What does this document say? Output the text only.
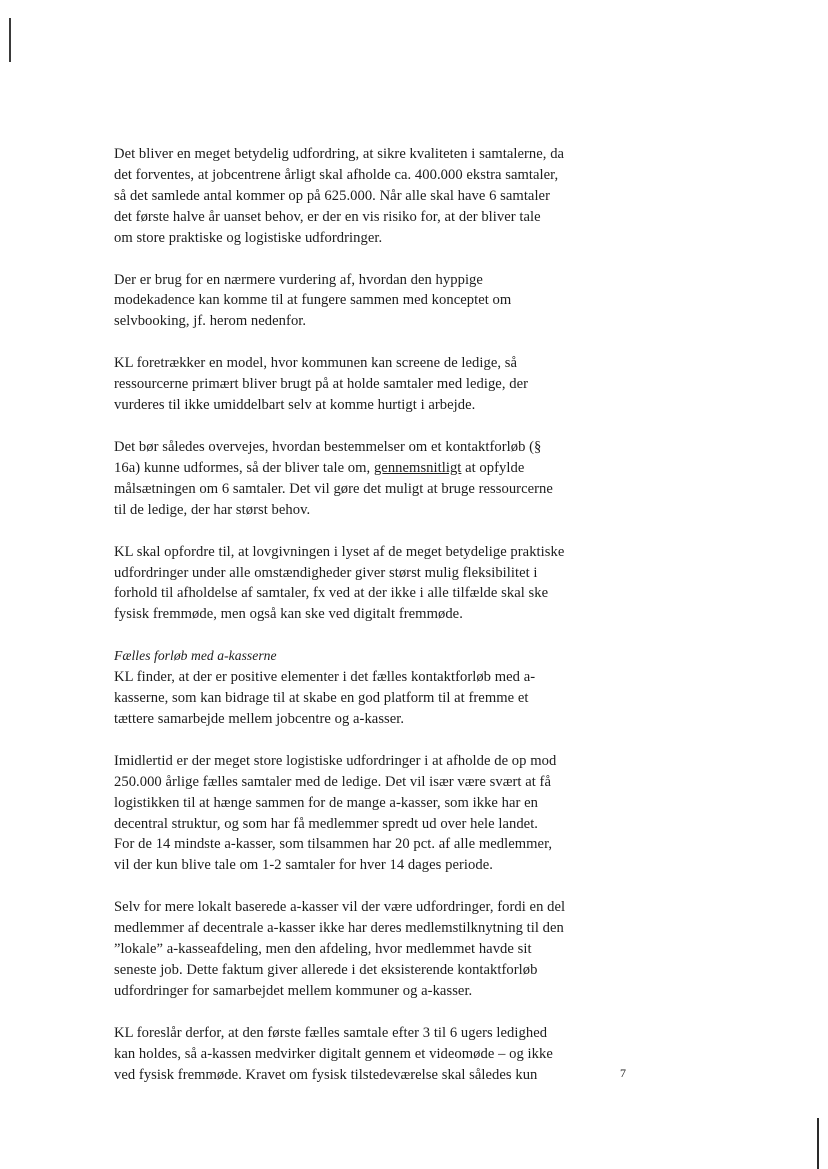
Det bliver en meget betydelig udfordring, at sikre kvaliteten i samtalerne, da
det forventes, at jobcentrene årligt skal afholde ca. 400.000 ekstra samtaler,
så det samlede antal kommer op på 625.000. Når alle skal have 6 samtaler
det første halve år uanset behov, er der en vis risiko for, at der bliver tale
om store praktiske og logistiske udfordringer.

Der er brug for en nærmere vurdering af, hvordan den hyppige
modekadence kan komme til at fungere sammen med konceptet om
selvbooking, jf. herom nedenfor.

KL foretrækker en model, hvor kommunen kan screene de ledige, så
ressourcerne primært bliver brugt på at holde samtaler med ledige, der
vurderes til ikke umiddelbart selv at komme hurtigt i arbejde.

Det bør således overvejes, hvordan bestemmelser om et kontaktforløb (§
16a) kunne udformes, så der bliver tale om, gennemsnitligt at opfylde
målsætningen om 6 samtaler. Det vil gøre det muligt at bruge ressourcerne
til de ledige, der har størst behov.

KL skal opfordre til, at lovgivningen i lyset af de meget betydelige praktiske
udfordringer under alle omstændigheder giver størst mulig fleksibilitet i
forhold til afholdelse af samtaler, fx ved at der ikke i alle tilfælde skal ske
fysisk fremmøde, men også kan ske ved digitalt fremmøde.

Fælles forløb med a-kasserne
KL finder, at der er positive elementer i det fælles kontaktforløb med a-
kasserne, som kan bidrage til at skabe en god platform til at fremme et
tættere samarbejde mellem jobcentre og a-kasser.

Imidlertid er der meget store logistiske udfordringer i at afholde de op mod
250.000 årlige fælles samtaler med de ledige. Det vil især være svært at få
logistikken til at hænge sammen for de mange a-kasser, som ikke har en
decentral struktur, og som har få medlemmer spredt ud over hele landet.
For de 14 mindste a-kasser, som tilsammen har 20 pct. af alle medlemmer,
vil der kun blive tale om 1-2 samtaler for hver 14 dages periode.

Selv for mere lokalt baserede a-kasser vil der være udfordringer, fordi en del
medlemmer af decentrale a-kasser ikke har deres medlemstilknytning til den
”lokale” a-kasseafdeling, men den afdeling, hvor medlemmet havde sit
seneste job. Dette faktum giver allerede i det eksisterende kontaktforløb
udfordringer for samarbejdet mellem kommuner og a-kasser.

KL foreslår derfor, at den første fælles samtale efter 3 til 6 ugers ledighed
kan holdes, så a-kassen medvirker digitalt gennem et videomøde – og ikke
ved fysisk fremmøde. Kravet om fysisk tilstedeværelse skal således kun	7
